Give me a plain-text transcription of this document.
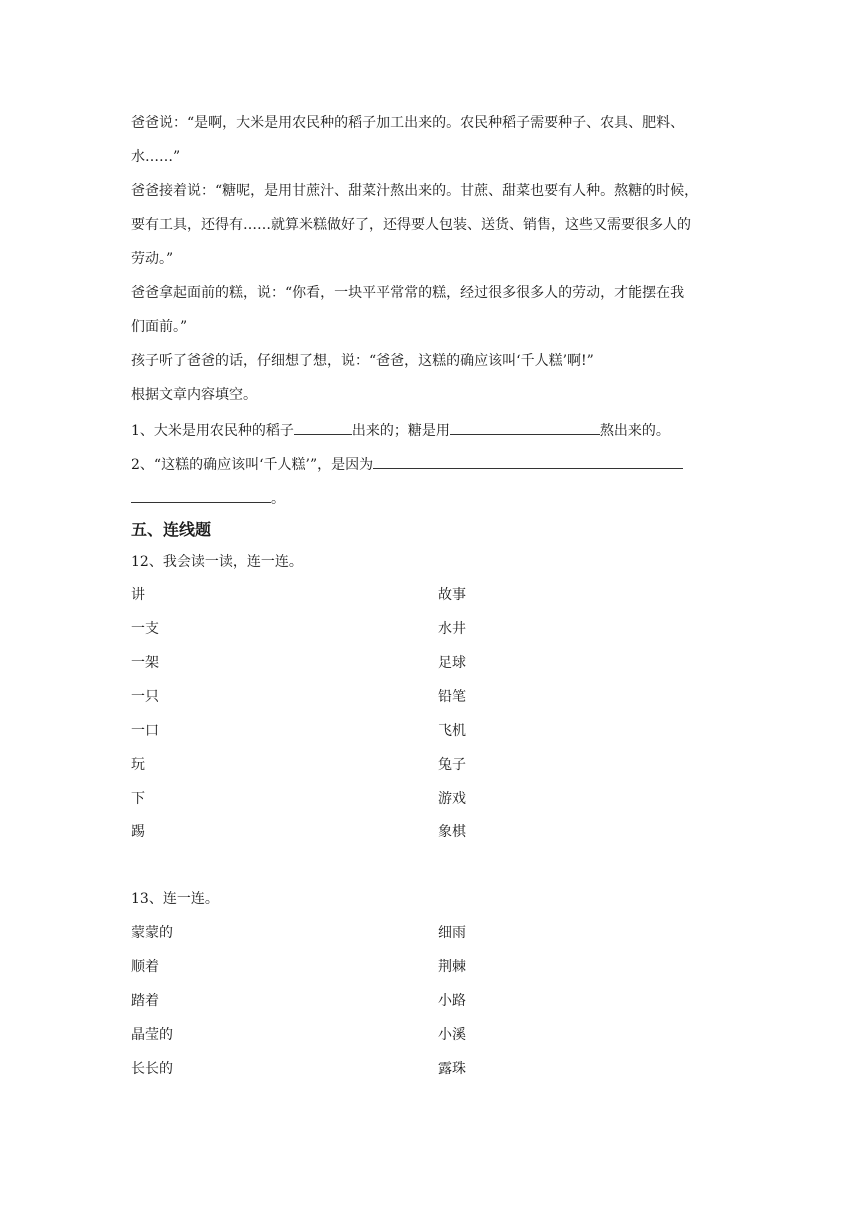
爸爸说：“是啊，大米是用农民种的稻子加工出来的。农民种稻子需要种子、农具、肥料、
水……”
爸爸接着说：“糖呢，是用甘蔗汁、甜菜汁熬出来的。甘蔗、甜菜也要有人种。熬糖的时候，
要有工具，还得有……就算米糕做好了，还得要人包装、送货、销售，这些又需要很多人的
劳动。”
爸爸拿起面前的糕，说：“你看，一块平平常常的糕，经过很多很多人的劳动，才能摆在我
们面前。”
孩子听了爸爸的话，仔细想了想，说：“爸爸，这糕的确应该叫‘千人糕’啊!”
根据文章内容填空。
1、大米是用农民种的稻子	出来的；糖是用	熬出来的。
2、“这糕的确应该叫‘千人糕’”，是因为
。
五、连线题
12、我会读一读，连一连。
讲	故事
一支	水井
一架	足球
一只	铅笔
一口	飞机
玩	兔子
下	游戏
踢	象棋
13、连一连。
蒙蒙的	细雨
顺着	荆棘
踏着	小路
晶莹的	小溪
长长的	露珠
